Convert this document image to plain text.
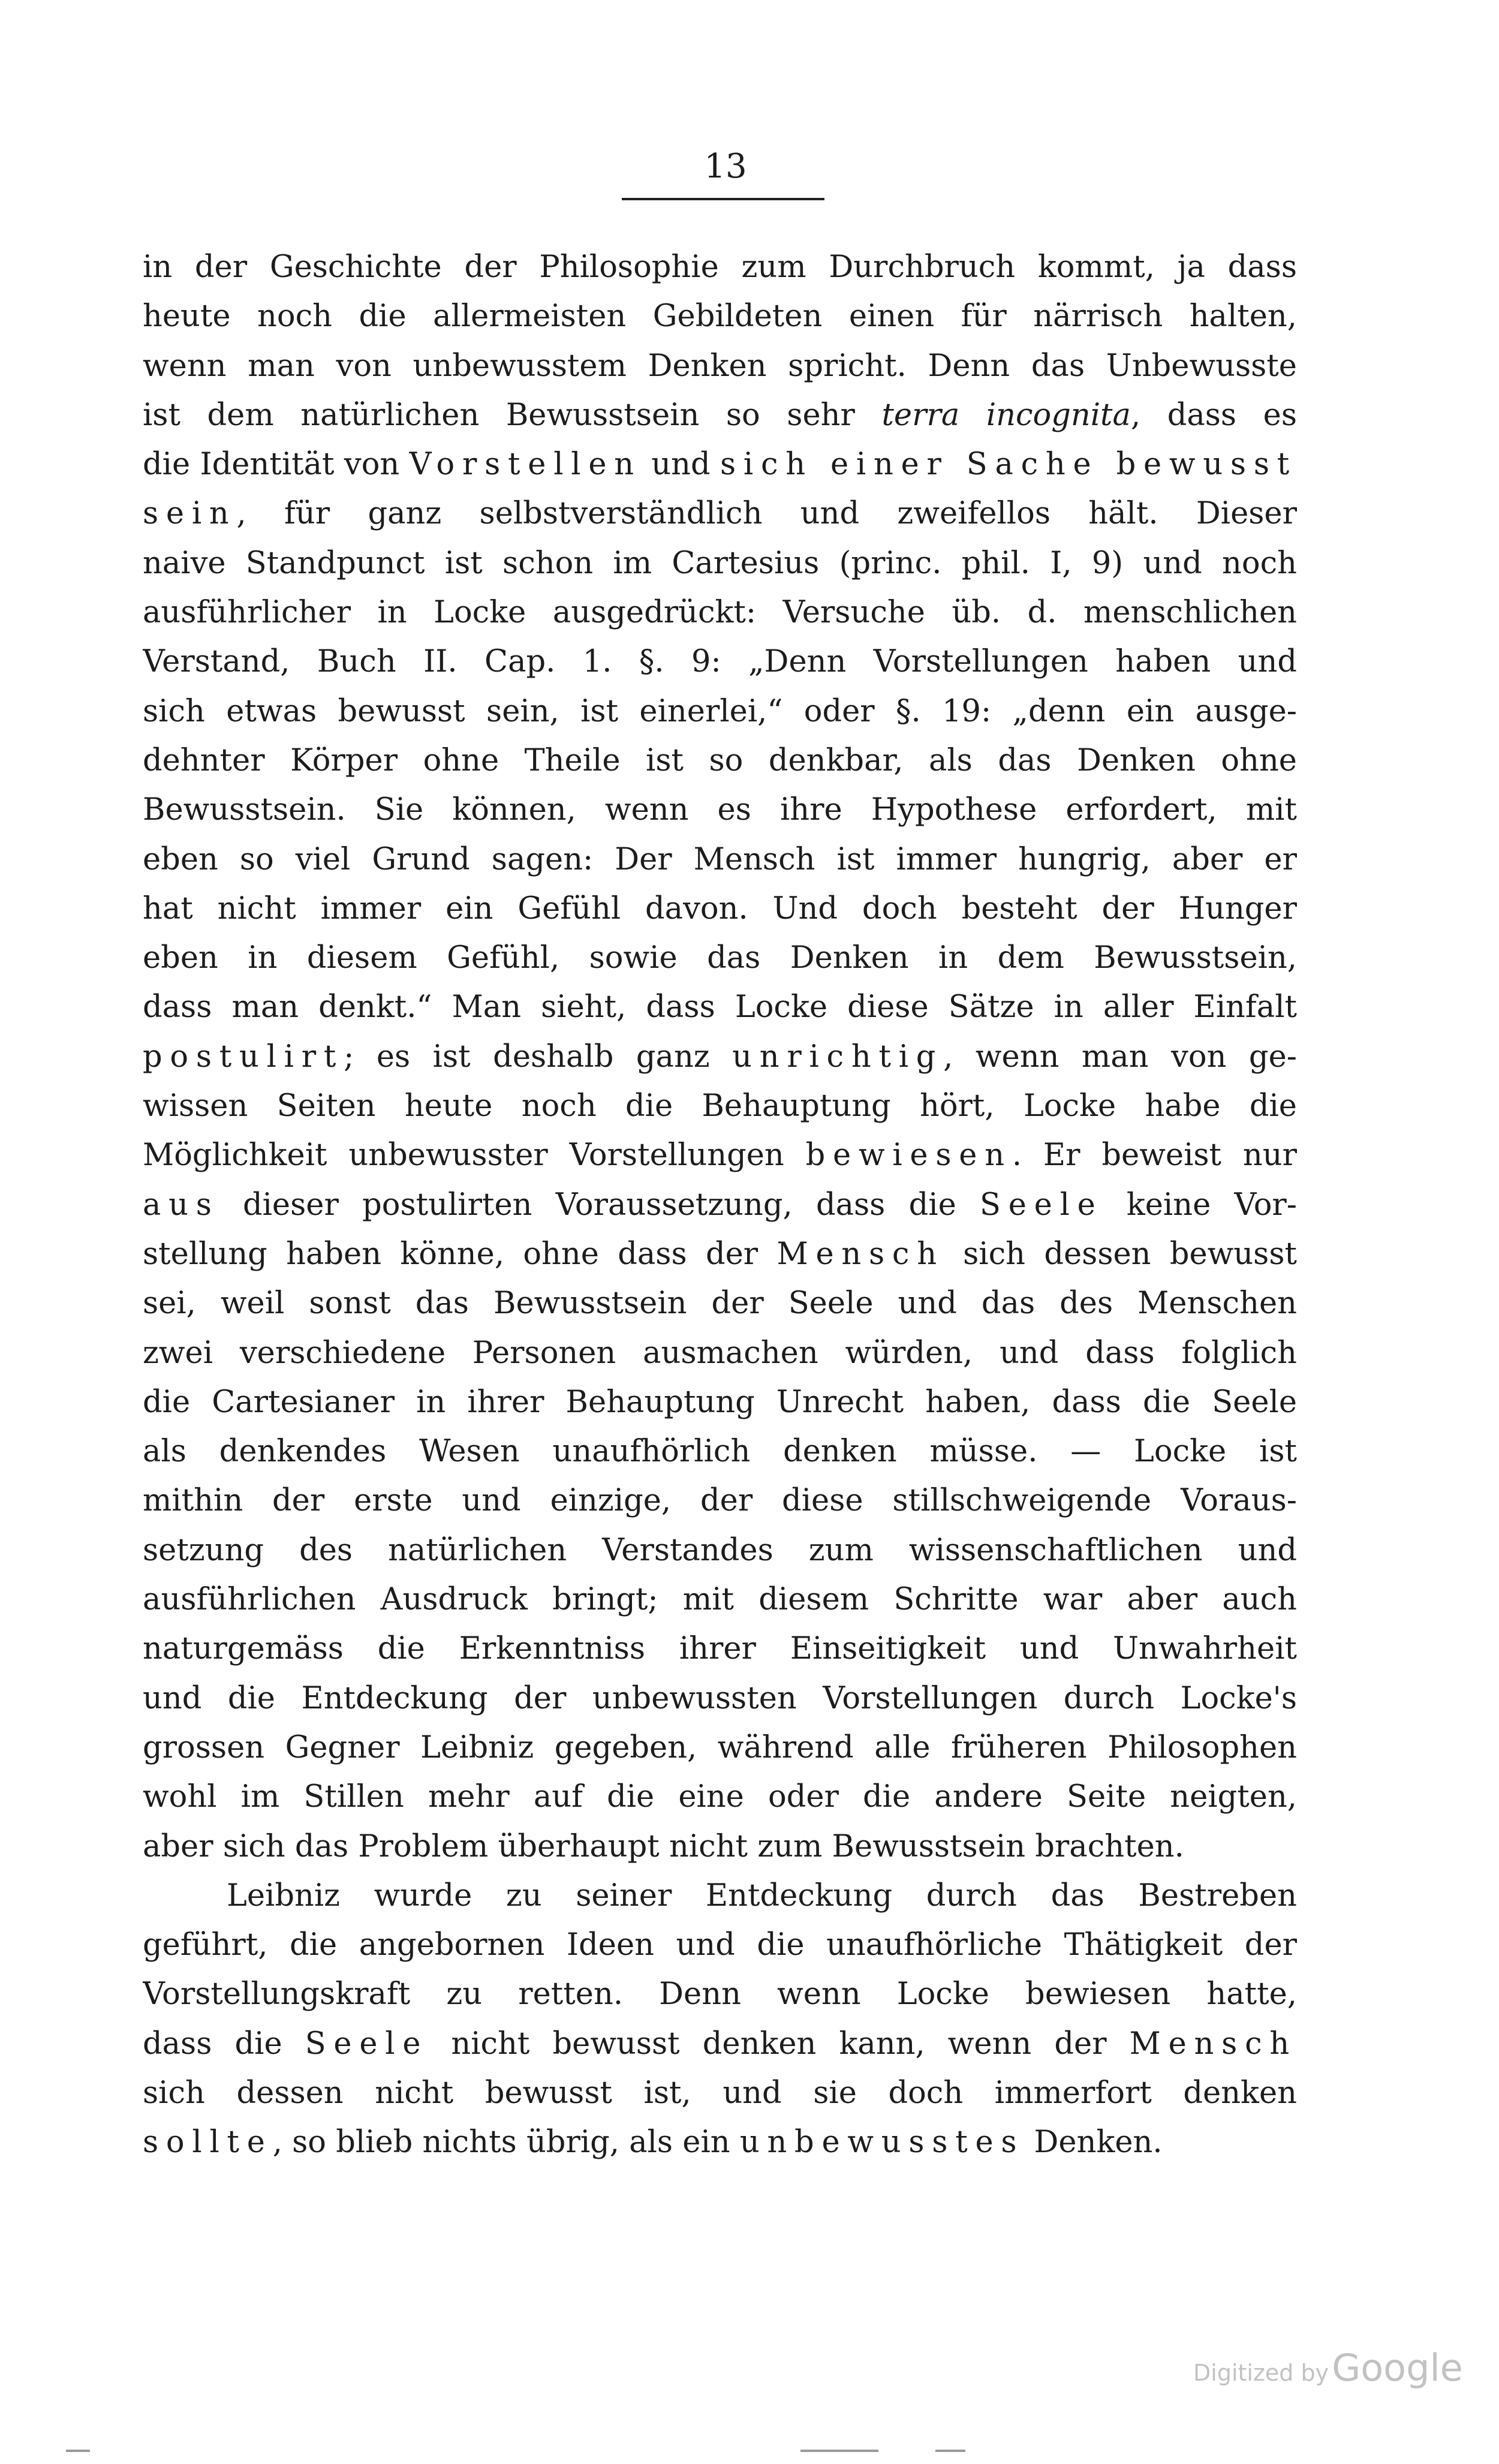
13
in der Geschichte der Philosophie zum Durchbruch kommt, ja dass
heute noch die allermeisten Gebildeten einen für närrisch halten,
wenn man von unbewusstem Denken spricht. Denn das Unbewusste
ist dem natürlichen Bewusstsein so sehr terra incognita, dass es
die Identität von Vorstellen und sich einer Sache bewusst
sein, für ganz selbstverständlich und zweifellos hält. Dieser
naive Standpunct ist schon im Cartesius (princ. phil. I, 9) und noch
ausführlicher in Locke ausgedrückt: Versuche üb. d. menschlichen
Verstand, Buch II. Cap. 1. §. 9: „Denn Vorstellungen haben und
sich etwas bewusst sein, ist einerlei,“ oder §. 19: „denn ein ausge-
dehnter Körper ohne Theile ist so denkbar, als das Denken ohne
Bewusstsein. Sie können, wenn es ihre Hypothese erfordert, mit
eben so viel Grund sagen: Der Mensch ist immer hungrig, aber er
hat nicht immer ein Gefühl davon. Und doch besteht der Hunger
eben in diesem Gefühl, sowie das Denken in dem Bewusstsein,
dass man denkt.“ Man sieht, dass Locke diese Sätze in aller Einfalt
postulirt; es ist deshalb ganz unrichtig, wenn man von ge-
wissen Seiten heute noch die Behauptung hört, Locke habe die
Möglichkeit unbewusster Vorstellungen bewiesen. Er beweist nur
aus dieser postulirten Voraussetzung, dass die Seele keine Vor-
stellung haben könne, ohne dass der Mensch sich dessen bewusst
sei, weil sonst das Bewusstsein der Seele und das des Menschen
zwei verschiedene Personen ausmachen würden, und dass folglich
die Cartesianer in ihrer Behauptung Unrecht haben, dass die Seele
als denkendes Wesen unaufhörlich denken müsse. — Locke ist
mithin der erste und einzige, der diese stillschweigende Voraus-
setzung des natürlichen Verstandes zum wissenschaftlichen und
ausführlichen Ausdruck bringt; mit diesem Schritte war aber auch
naturgemäss die Erkenntniss ihrer Einseitigkeit und Unwahrheit
und die Entdeckung der unbewussten Vorstellungen durch Locke's
grossen Gegner Leibniz gegeben, während alle früheren Philosophen
wohl im Stillen mehr auf die eine oder die andere Seite neigten,
aber sich das Problem überhaupt nicht zum Bewusstsein brachten.
Leibniz wurde zu seiner Entdeckung durch das Bestreben
geführt, die angebornen Ideen und die unaufhörliche Thätigkeit der
Vorstellungskraft zu retten. Denn wenn Locke bewiesen hatte,
dass die Seele nicht bewusst denken kann, wenn der Mensch
sich dessen nicht bewusst ist, und sie doch immerfort denken
sollte, so blieb nichts übrig, als ein unbewusstes Denken.
Digitized by Google
